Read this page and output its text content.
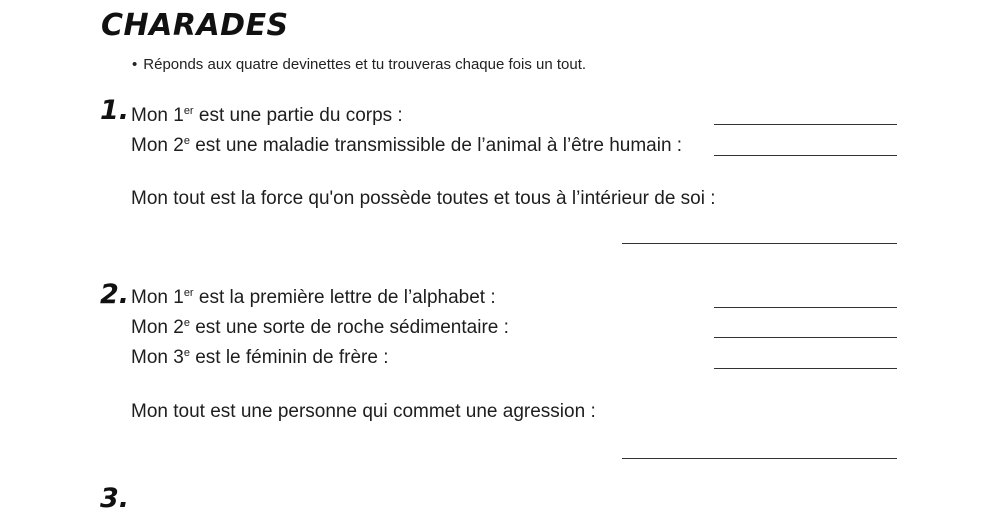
CHARADES
• Réponds aux quatre devinettes et tu trouveras chaque fois un tout.
1. Mon 1er est une partie du corps :
Mon 2e est une maladie transmissible de l’animal à l’être humain :
Mon tout est la force qu'on possède toutes et tous à l’intérieur de soi :
2. Mon 1er est la première lettre de l’alphabet :
Mon 2e est une sorte de roche sédimentaire :
Mon 3e est le féminin de frère :
Mon tout est une personne qui commet une agression :
3.
